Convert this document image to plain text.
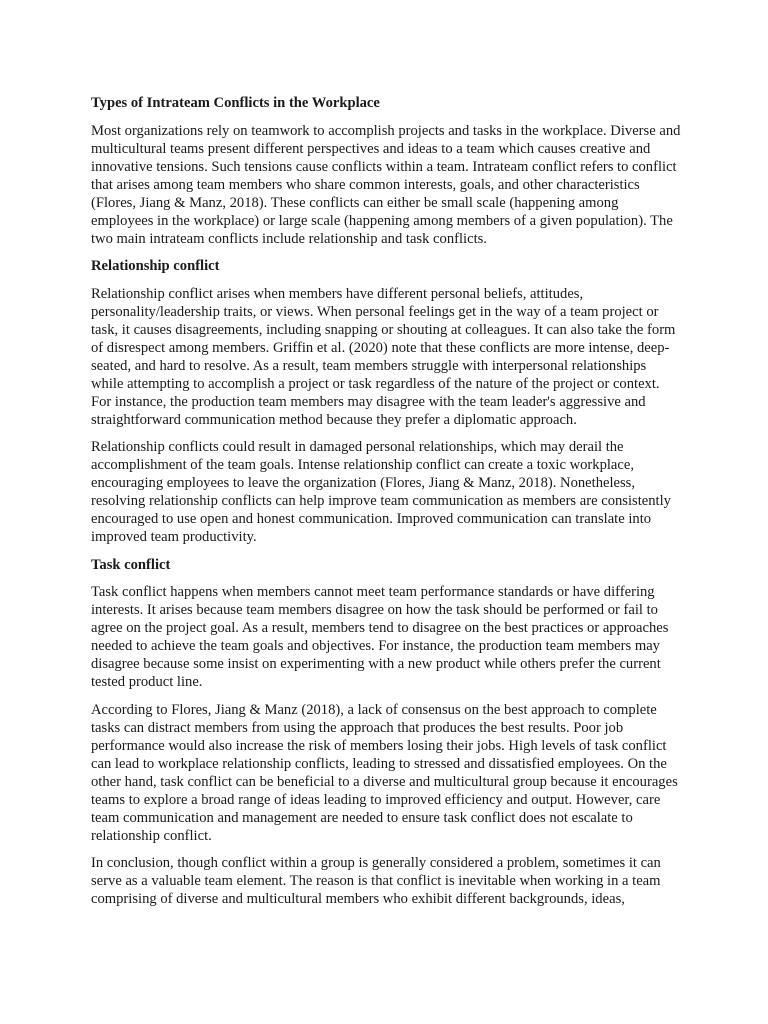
Types of Intrateam Conflicts in the Workplace

Most organizations rely on teamwork to accomplish projects and tasks in the workplace. Diverse and multicultural teams present different perspectives and ideas to a team which causes creative and innovative tensions. Such tensions cause conflicts within a team. Intrateam conflict refers to conflict that arises among team members who share common interests, goals, and other characteristics (Flores, Jiang & Manz, 2018). These conflicts can either be small scale (happening among employees in the workplace) or large scale (happening among members of a given population). The two main intrateam conflicts include relationship and task conflicts.

Relationship conflict

Relationship conflict arises when members have different personal beliefs, attitudes, personality/leadership traits, or views. When personal feelings get in the way of a team project or task, it causes disagreements, including snapping or shouting at colleagues. It can also take the form of disrespect among members. Griffin et al. (2020) note that these conflicts are more intense, deep-seated, and hard to resolve. As a result, team members struggle with interpersonal relationships while attempting to accomplish a project or task regardless of the nature of the project or context. For instance, the production team members may disagree with the team leader's aggressive and straightforward communication method because they prefer a diplomatic approach.

Relationship conflicts could result in damaged personal relationships, which may derail the accomplishment of the team goals. Intense relationship conflict can create a toxic workplace, encouraging employees to leave the organization (Flores, Jiang & Manz, 2018). Nonetheless, resolving relationship conflicts can help improve team communication as members are consistently encouraged to use open and honest communication. Improved communication can translate into improved team productivity.

Task conflict

Task conflict happens when members cannot meet team performance standards or have differing interests. It arises because team members disagree on how the task should be performed or fail to agree on the project goal. As a result, members tend to disagree on the best practices or approaches needed to achieve the team goals and objectives. For instance, the production team members may disagree because some insist on experimenting with a new product while others prefer the current tested product line.

According to Flores, Jiang & Manz (2018), a lack of consensus on the best approach to complete tasks can distract members from using the approach that produces the best results. Poor job performance would also increase the risk of members losing their jobs. High levels of task conflict can lead to workplace relationship conflicts, leading to stressed and dissatisfied employees. On the other hand, task conflict can be beneficial to a diverse and multicultural group because it encourages teams to explore a broad range of ideas leading to improved efficiency and output. However, care team communication and management are needed to ensure task conflict does not escalate to relationship conflict.

In conclusion, though conflict within a group is generally considered a problem, sometimes it can serve as a valuable team element. The reason is that conflict is inevitable when working in a team comprising of diverse and multicultural members who exhibit different backgrounds, ideas,
